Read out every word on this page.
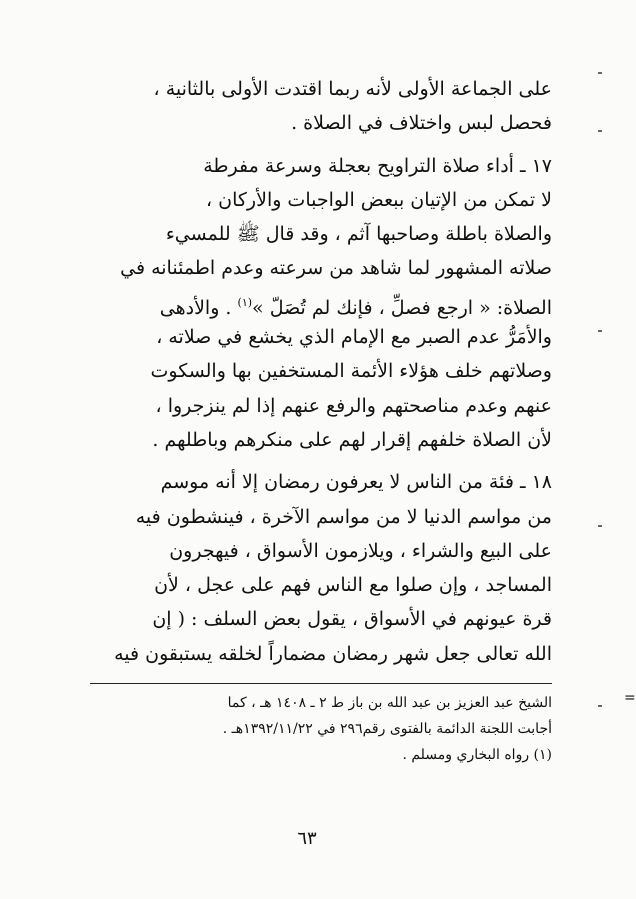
على الجماعة الأولى لأنه ربما اقتدت الأولى بالثانية ،
فحصل لبس واختلاف في الصلاة .
١٧ ـ أداء صلاة التراويح بعجلة وسرعة مفرطة
لا تمكن من الإتيان ببعض الواجبات والأركان ،
والصلاة باطلة وصاحبها آثم ، وقد قال ﷺ للمسيء
صلاته المشهور لما شاهد من سرعته وعدم اطمئنانه في
الصلاة: « ارجع فصلِّ ، فإنك لم تُصَلّ »$^{(١)}$ . والأدهى
والأمَرُّ عدم الصبر مع الإمام الذي يخشع في صلاته ،
وصلاتهم خلف هؤلاء الأئمة المستخفين بها والسكوت
عنهم وعدم مناصحتهم والرفع عنهم إذا لم ينزجروا ،
لأن الصلاة خلفهم إقرار لهم على منكرهم وباطلهم .
١٨ ـ فئة من الناس لا يعرفون رمضان إلا أنه موسم
من مواسم الدنيا لا من مواسم الآخرة ، فينشطون فيه
على البيع والشراء ، ويلازمون الأسواق ، فيهجرون
المساجد ، وإن صلوا مع الناس فهم على عجل ، لأن
قرة عيونهم في الأسواق ، يقول بعض السلف : ( إن
الله تعالى جعل شهر رمضان مضماراً لخلقه يستبقون فيه
=
الشيخ عبد العزيز بن عبد الله بن باز ط ٢ ـ ١٤٠٨ هـ ، كما
أجابت اللجنة الدائمة بالفتوى رقم٢٩٦ في ١٣٩٢/١١/٢٢هـ .
(١) رواه البخاري ومسلم .
٦٣
